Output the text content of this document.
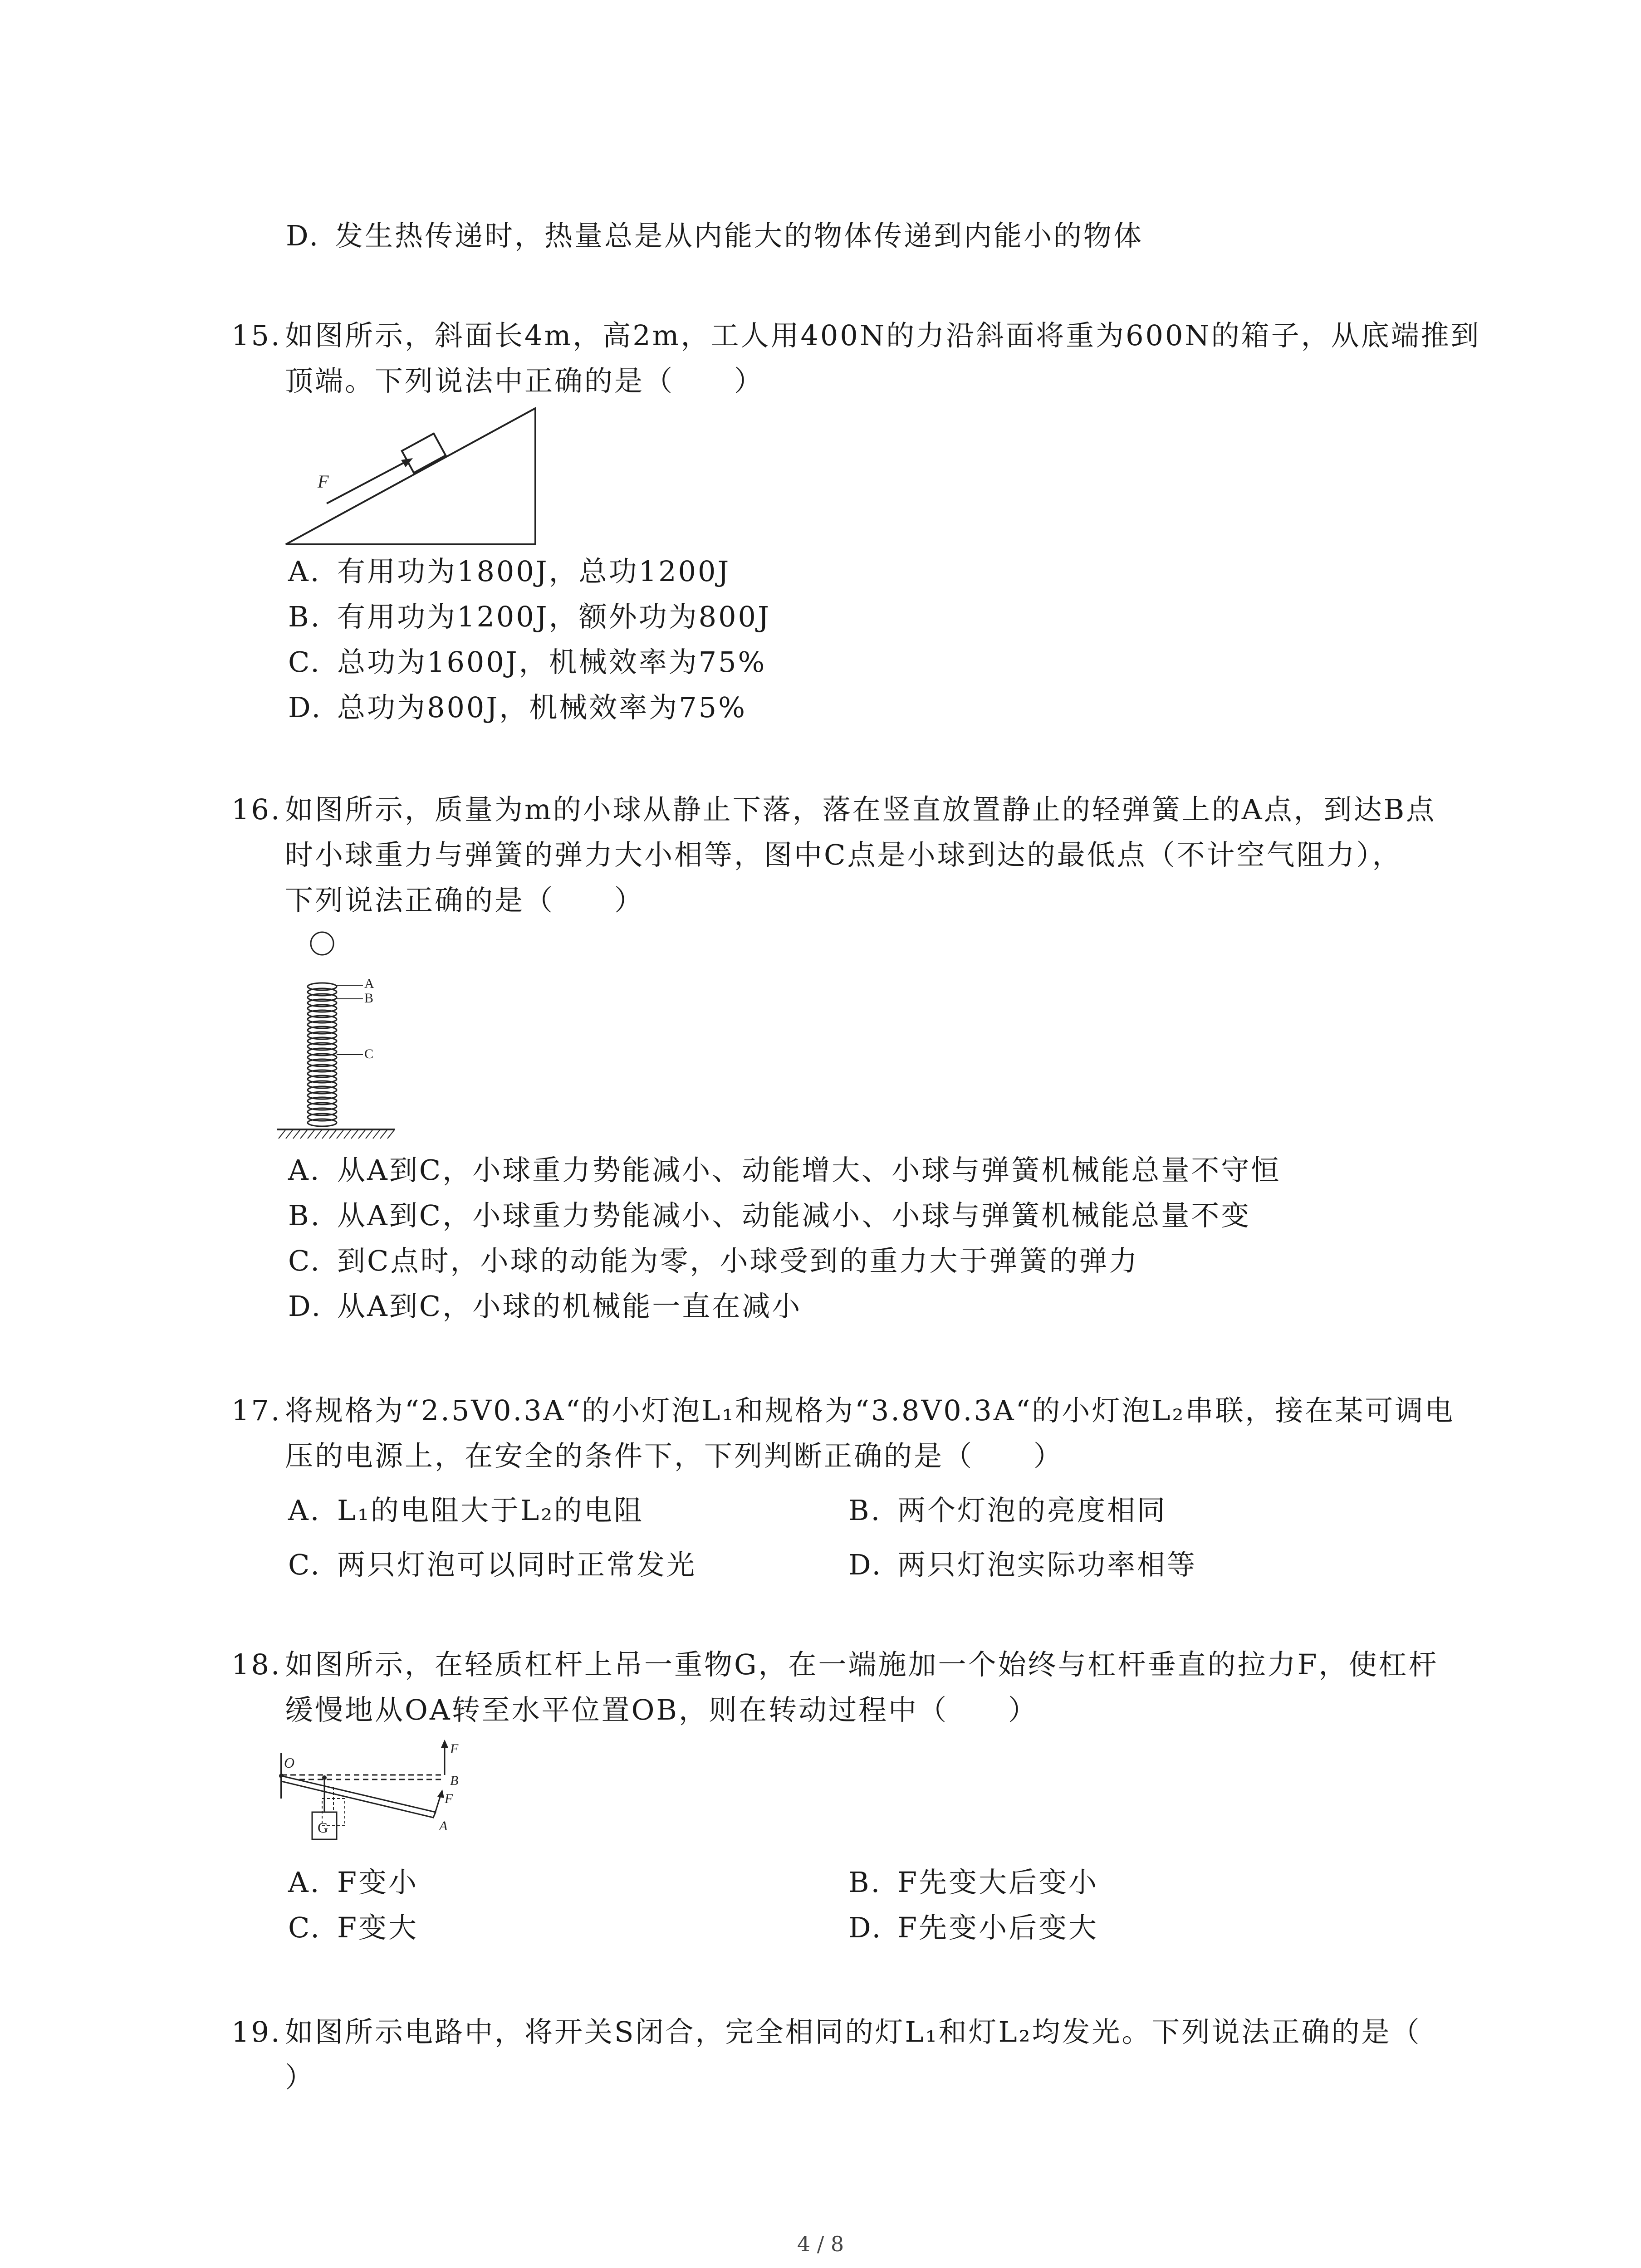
D. 发生热传递时，热量总是从内能大的物体传递到内能小的物体
15. 如图所示，斜面长4m，高2m，工人用400N的力沿斜面将重为600N的箱子，从底端推到
顶端。下列说法中正确的是（　　）
F
A. 有用功为1800J，总功1200J
B. 有用功为1200J，额外功为800J
C. 总功为1600J，机械效率为75%
D. 总功为800J，机械效率为75%
16. 如图所示，质量为m的小球从静止下落，落在竖直放置静止的轻弹簧上的A点，到达B点
时小球重力与弹簧的弹力大小相等，图中C点是小球到达的最低点（不计空气阻力），
下列说法正确的是（　　）
A
B
C
A. 从A到C，小球重力势能减小、动能增大、小球与弹簧机械能总量不守恒
B. 从A到C，小球重力势能减小、动能减小、小球与弹簧机械能总量不变
C. 到C点时，小球的动能为零，小球受到的重力大于弹簧的弹力
D. 从A到C，小球的机械能一直在减小
17. 将规格为“2.5V0.3A“的小灯泡L₁和规格为“3.8V0.3A“的小灯泡L₂串联，接在某可调电
压的电源上，在安全的条件下，下列判断正确的是（　　）
A. L₁的电阻大于L₂的电阻	B. 两个灯泡的亮度相同
C. 两只灯泡可以同时正常发光	D. 两只灯泡实际功率相等
18. 如图所示，在轻质杠杆上吊一重物G，在一端施加一个始终与杠杆垂直的拉力F，使杠杆
缓慢地从OA转至水平位置OB，则在转动过程中（　　）
O
F
B
F
A
G
A. F变小	B. F先变大后变小
C. F变大	D. F先变小后变大
19. 如图所示电路中，将开关S闭合，完全相同的灯L₁和灯L₂均发光。下列说法正确的是（
）
4 / 8
